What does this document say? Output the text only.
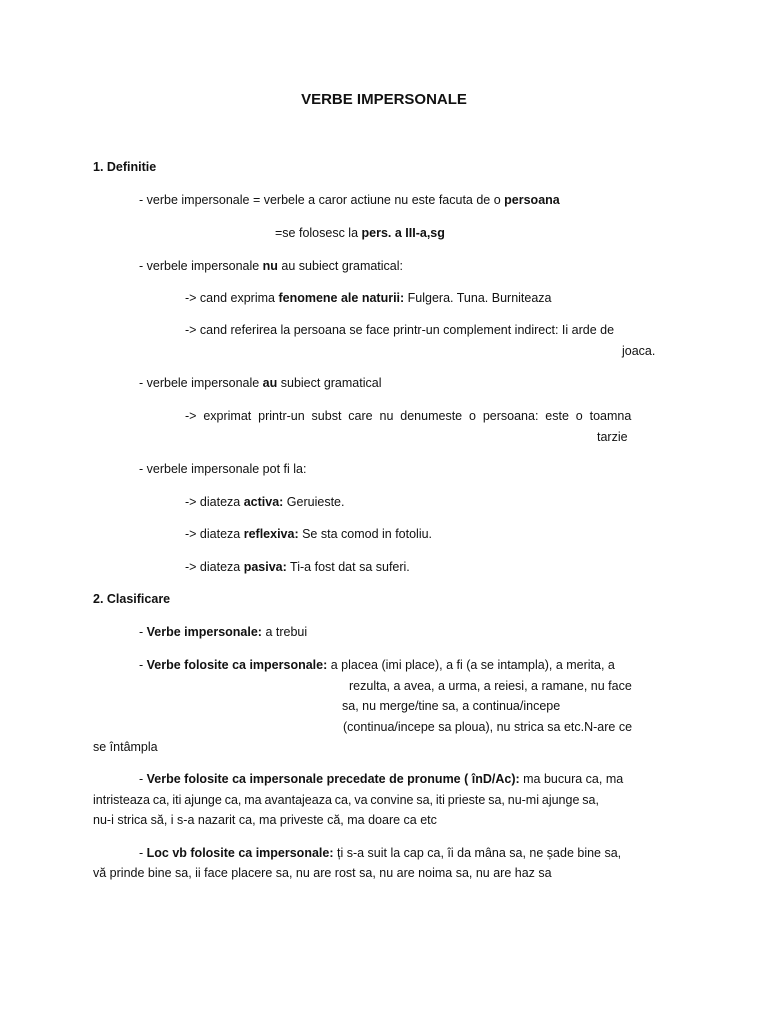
VERBE IMPERSONALE
1. Definitie
- verbe impersonale = verbele a caror actiune nu este facuta de o persoana
=se folosesc la pers. a III-a,sg
- verbele impersonale nu au subiect gramatical:
-> cand exprima fenomene ale naturii: Fulgera. Tuna. Burniteaza
-> cand referirea la persoana se face printr-un complement indirect: Ii arde de
joaca.
- verbele impersonale au subiect gramatical
-> exprimat printr-un subst care nu denumeste o persoana: este o toamna
tarzie
- verbele impersonale pot fi la:
-> diateza activa: Geruieste.
-> diateza reflexiva: Se sta comod in fotoliu.
-> diateza pasiva: Ti-a fost dat sa suferi.
2. Clasificare
- Verbe impersonale: a trebui
- Verbe folosite ca impersonale: a placea (imi place), a fi (a se intampla), a merita, a
rezulta, a avea, a urma, a reiesi, a ramane, nu face
sa, nu merge/tine sa, a continua/incepe
(continua/incepe sa ploua), nu strica sa etc.N-are ce
se întâmpla
- Verbe folosite ca impersonale precedate de pronume ( înD/Ac): ma bucura ca, ma
intristeaza ca, iti ajunge ca, ma avantajeaza ca, va convine sa, iti prieste sa, nu-mi ajunge sa,
nu-i strica să, i s-a nazarit ca, ma priveste că, ma doare ca etc
- Loc vb folosite ca impersonale: ți s-a suit la cap ca, îi da mâna sa, ne șade bine sa,
vă prinde bine sa, ii face placere sa, nu are rost sa, nu are noima sa, nu are haz sa
